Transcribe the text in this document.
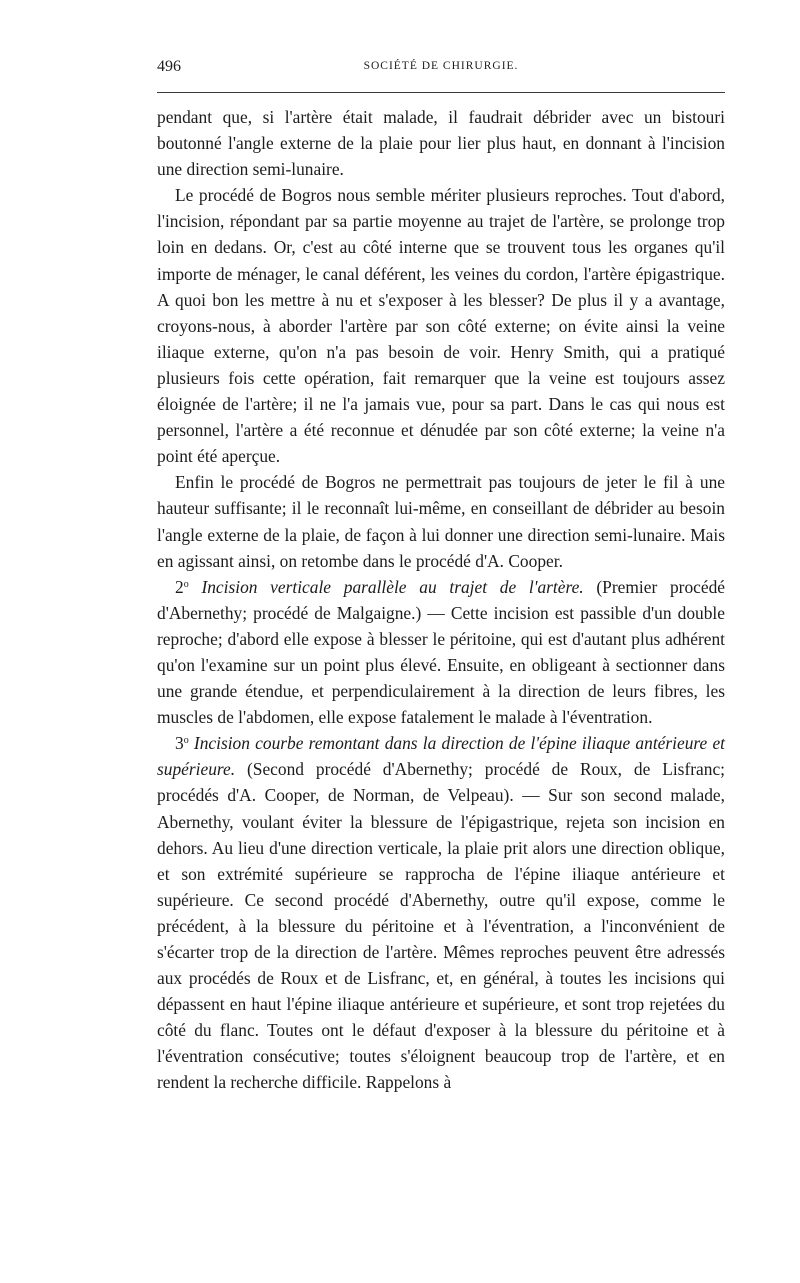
496	SOCIÉTÉ DE CHIRURGIE.

pendant que, si l'artère était malade, il faudrait débrider avec un bistouri boutonné l'angle externe de la plaie pour lier plus haut, en donnant à l'incision une direction semi-lunaire.

Le procédé de Bogros nous semble mériter plusieurs reproches. Tout d'abord, l'incision, répondant par sa partie moyenne au trajet de l'artère, se prolonge trop loin en dedans. Or, c'est au côté interne que se trouvent tous les organes qu'il importe de ménager, le canal déférent, les veines du cordon, l'artère épigastrique. A quoi bon les mettre à nu et s'exposer à les blesser? De plus il y a avantage, croyons-nous, à aborder l'artère par son côté externe; on évite ainsi la veine iliaque externe, qu'on n'a pas besoin de voir. Henry Smith, qui a pratiqué plusieurs fois cette opération, fait remarquer que la veine est toujours assez éloignée de l'artère; il ne l'a jamais vue, pour sa part. Dans le cas qui nous est personnel, l'artère a été reconnue et dénudée par son côté externe; la veine n'a point été aperçue.

Enfin le procédé de Bogros ne permettrait pas toujours de jeter le fil à une hauteur suffisante; il le reconnaît lui-même, en conseillant de débrider au besoin l'angle externe de la plaie, de façon à lui donner une direction semi-lunaire. Mais en agissant ainsi, on retombe dans le procédé d'A. Cooper.

2$^o$ Incision verticale parallèle au trajet de l'artère. (Premier procédé d'Abernethy; procédé de Malgaigne.) — Cette incision est passible d'un double reproche; d'abord elle expose à blesser le péritoine, qui est d'autant plus adhérent qu'on l'examine sur un point plus élevé. Ensuite, en obligeant à sectionner dans une grande étendue, et perpendiculairement à la direction de leurs fibres, les muscles de l'abdomen, elle expose fatalement le malade à l'éventration.

3$^o$ Incision courbe remontant dans la direction de l'épine iliaque antérieure et supérieure. (Second procédé d'Abernethy; procédé de Roux, de Lisfranc; procédés d'A. Cooper, de Norman, de Velpeau). — Sur son second malade, Abernethy, voulant éviter la blessure de l'épigastrique, rejeta son incision en dehors. Au lieu d'une direction verticale, la plaie prit alors une direction oblique, et son extrémité supérieure se rapprocha de l'épine iliaque antérieure et supérieure. Ce second procédé d'Abernethy, outre qu'il expose, comme le précédent, à la blessure du péritoine et à l'éventration, a l'inconvénient de s'écarter trop de la direction de l'artère. Mêmes reproches peuvent être adressés aux procédés de Roux et de Lisfranc, et, en général, à toutes les incisions qui dépassent en haut l'épine iliaque antérieure et supérieure, et sont trop rejetées du côté du flanc. Toutes ont le défaut d'exposer à la blessure du péritoine et à l'éventration consécutive; toutes s'éloignent beaucoup trop de l'artère, et en rendent la recherche difficile. Rappelons à
